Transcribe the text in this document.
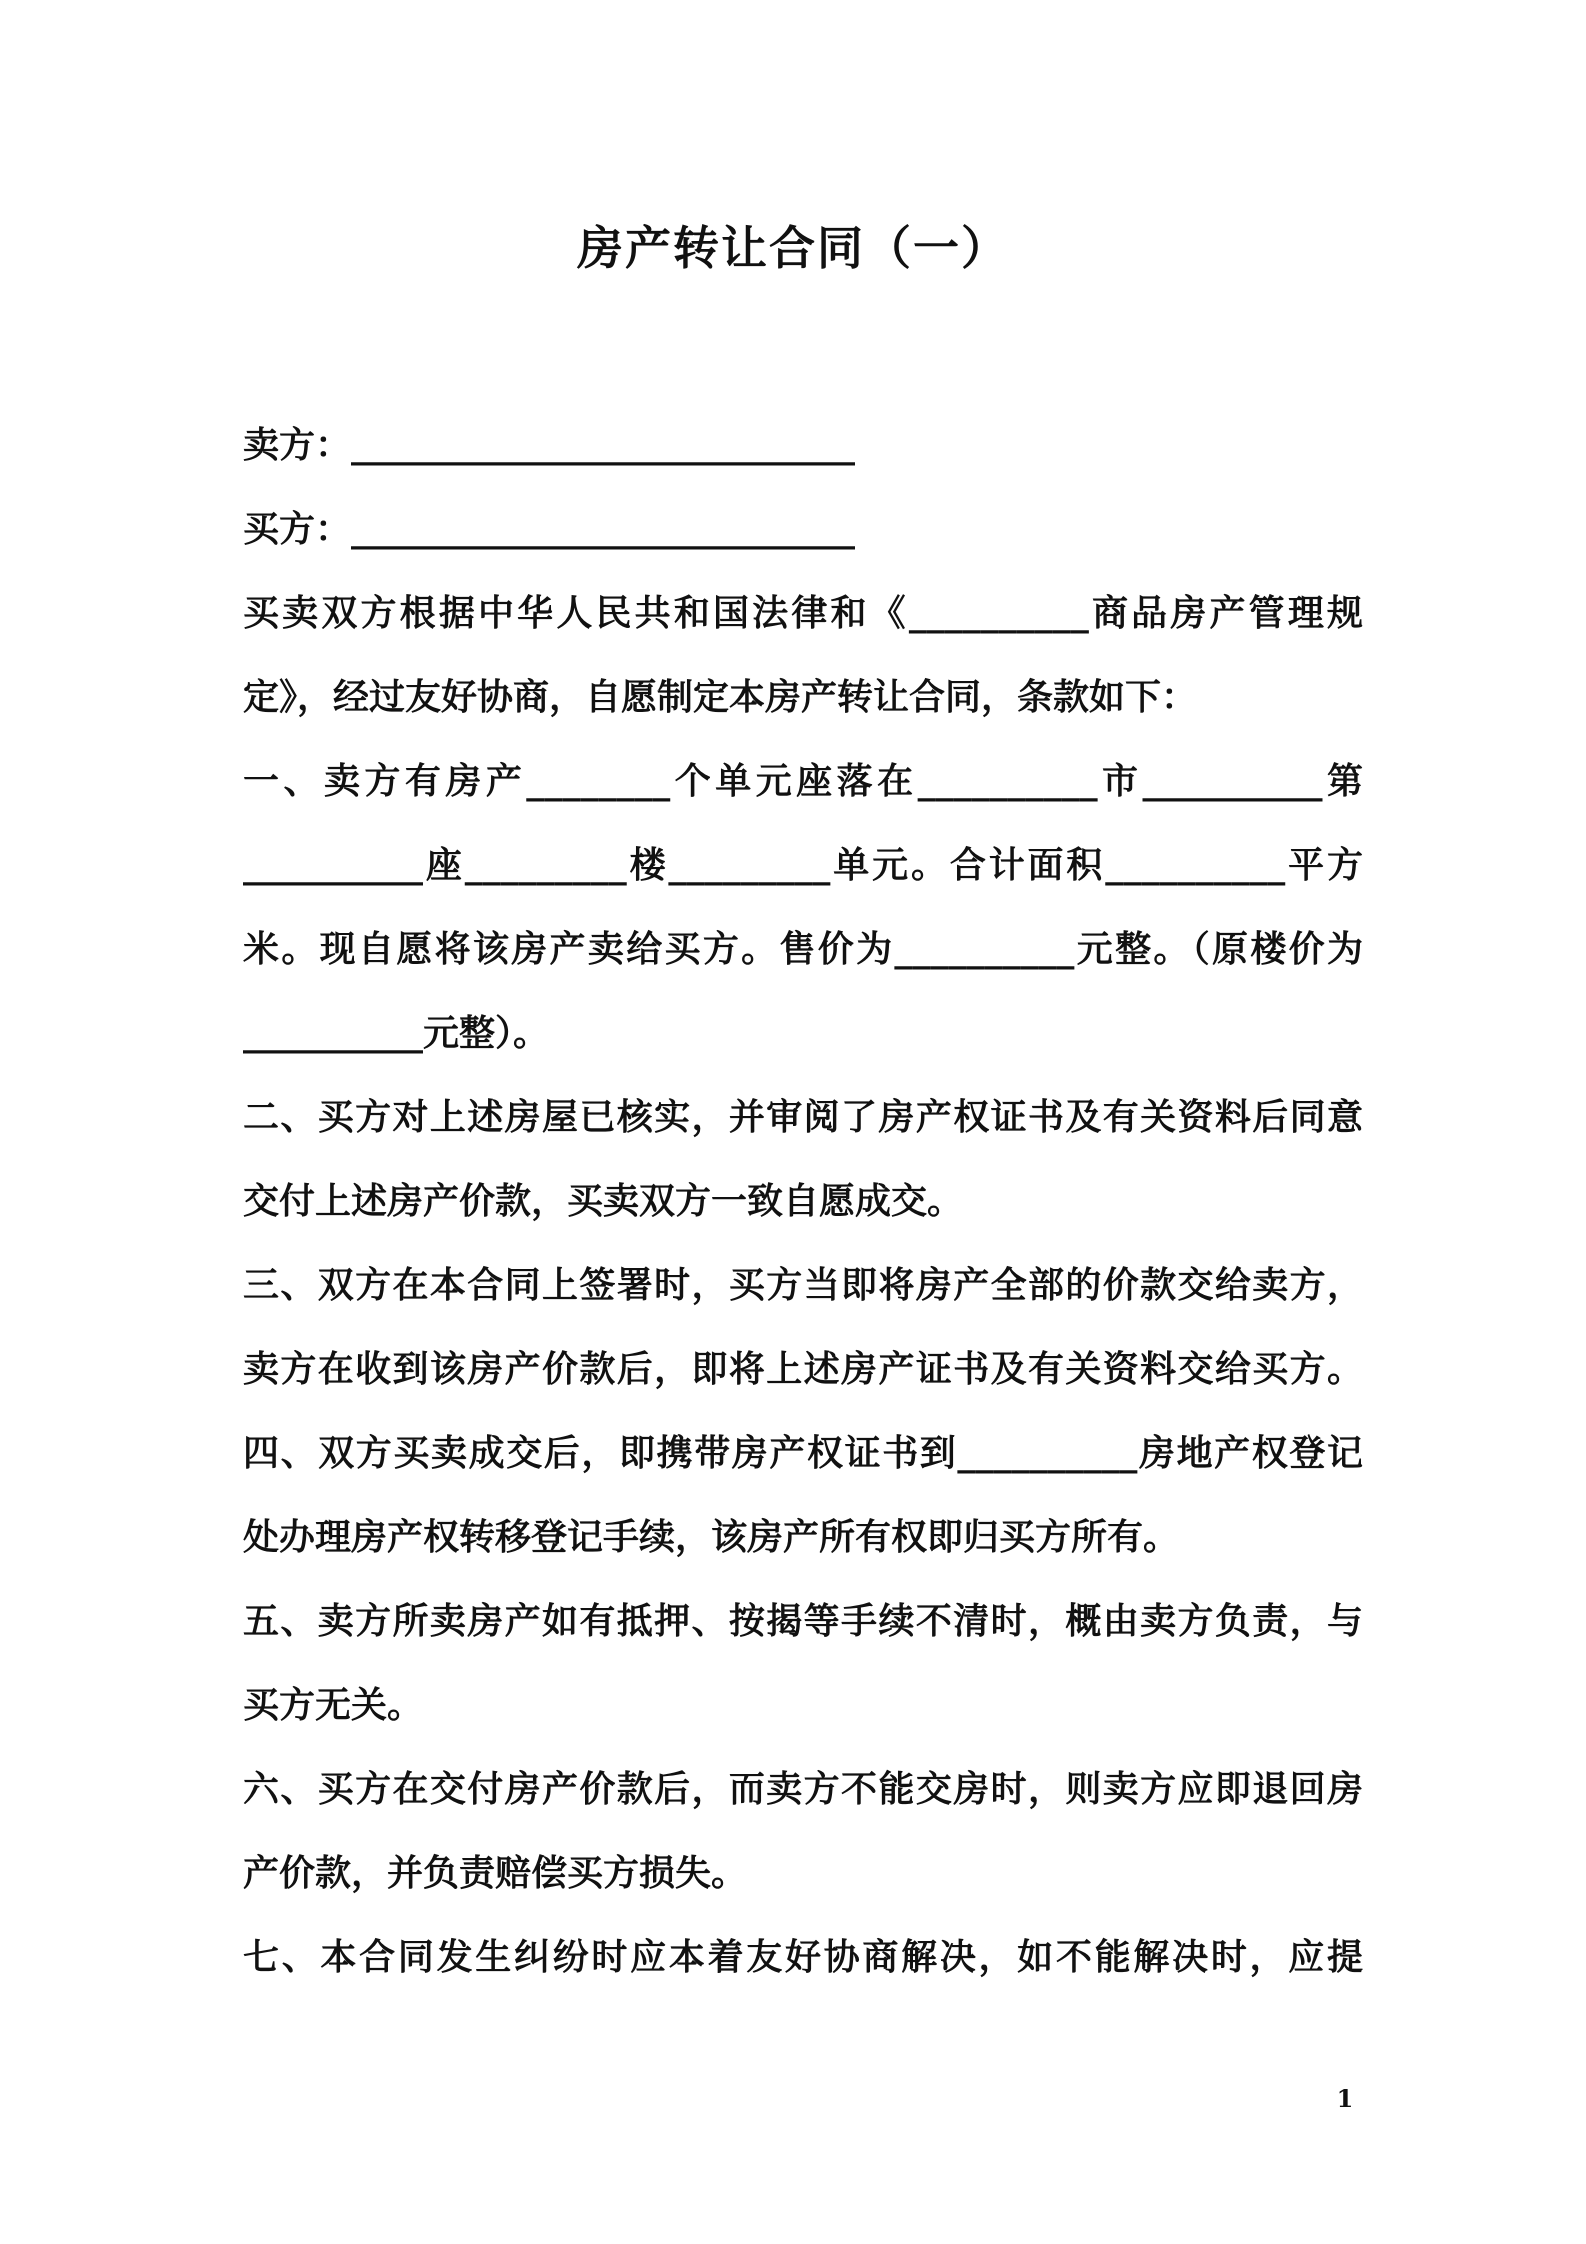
房产转让合同（一）
卖方：____________________________
买方：____________________________
买卖双方根据中华人民共和国法律和《__________商品房产管理规
定》，经过友好协商，自愿制定本房产转让合同，条款如下：
一、卖方有房产________个单元座落在__________市__________第
__________座_________楼_________单元。合计面积__________平方
米。现自愿将该房产卖给买方。售价为__________元整。（原楼价为
__________元整）。
二、买方对上述房屋已核实，并审阅了房产权证书及有关资料后同意
交付上述房产价款，买卖双方一致自愿成交。
三、双方在本合同上签署时，买方当即将房产全部的价款交给卖方，
卖方在收到该房产价款后，即将上述房产证书及有关资料交给买方。
四、双方买卖成交后，即携带房产权证书到__________房地产权登记
处办理房产权转移登记手续，该房产所有权即归买方所有。
五、卖方所卖房产如有抵押、按揭等手续不清时，概由卖方负责，与
买方无关。
六、买方在交付房产价款后，而卖方不能交房时，则卖方应即退回房
产价款，并负责赔偿买方损失。
七、本合同发生纠纷时应本着友好协商解决，如不能解决时，应提
1
